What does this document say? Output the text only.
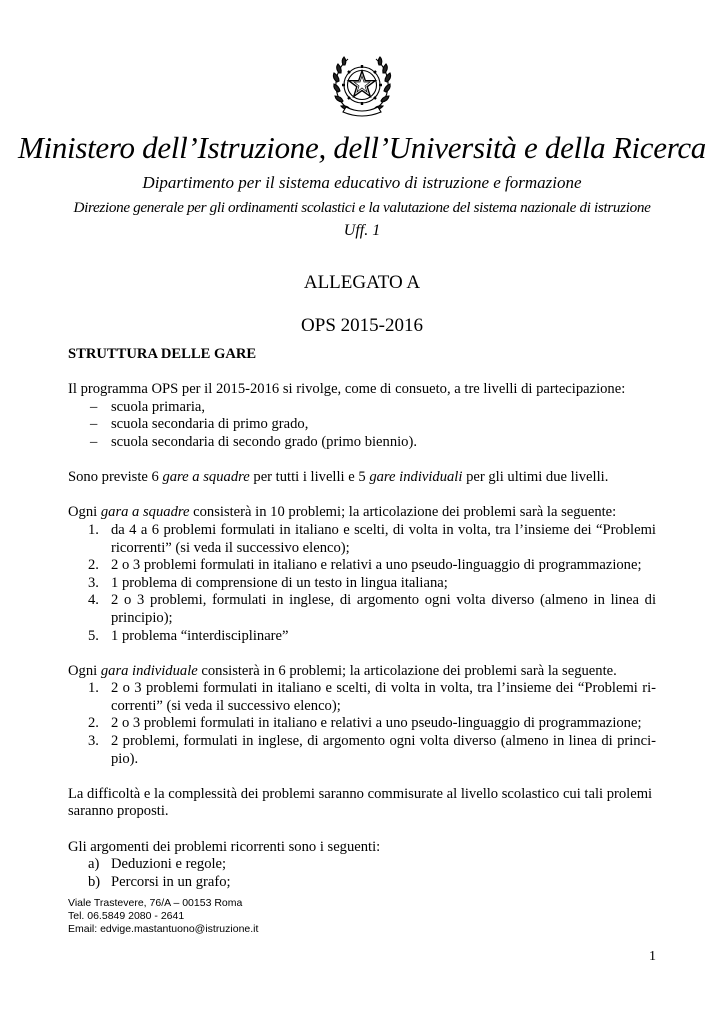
Ministero dell’Istruzione, dell’Università e della Ricerca
Dipartimento per il sistema educativo di istruzione e formazione
Direzione generale per gli ordinamenti scolastici e la valutazione del sistema nazionale di istruzione
Uff. 1
ALLEGATO A
OPS 2015-2016

STRUTTURA DELLE GARE

Il programma OPS per il 2015-2016 si rivolge, come di consueto, a tre livelli di partecipazione:

– scuola primaria,
– scuola secondaria di primo grado,
– scuola secondaria di secondo grado (primo biennio).

Sono previste 6 gare a squadre per tutti i livelli e 5 gare individuali per gli ultimi due livelli.

Ogni gara a squadre consisterà in 10 problemi; la articolazione dei problemi sarà la seguente:

1. da 4 a 6 problemi formulati in italiano e scelti, di volta in volta, tra l’insieme dei “Problemi ricorrenti” (si veda il successivo elenco);
2. 2 o 3 problemi formulati in italiano e relativi a uno pseudo-linguaggio di programmazione;
3. 1 problema di comprensione di un testo in lingua italiana;
4. 2 o 3 problemi, formulati in inglese, di argomento ogni volta diverso (almeno in linea di principio);
5. 1 problema “interdisciplinare”

Ogni gara individuale consisterà in 6 problemi; la articolazione dei problemi sarà la seguente.

1. 2 o 3 problemi formulati in italiano e scelti, di volta in volta, tra l’insieme dei “Problemi ri-correnti” (si veda il successivo elenco);
2. 2 o 3 problemi formulati in italiano e relativi a uno pseudo-linguaggio di programmazione;
3. 2 problemi, formulati in inglese, di argomento ogni volta diverso (almeno in linea di princi-pio).

La difficoltà e la complessità dei problemi saranno commisurate al livello scolastico cui tali prolemi saranno proposti.

Gli argomenti dei problemi ricorrenti sono i seguenti:

a) Deduzioni e regole;
b) Percorsi in un grafo;
Viale Trastevere, 76/A – 00153 Roma
Tel. 06.5849 2080 - 2641
Email: edvige.mastantuono@istruzione.it
1
